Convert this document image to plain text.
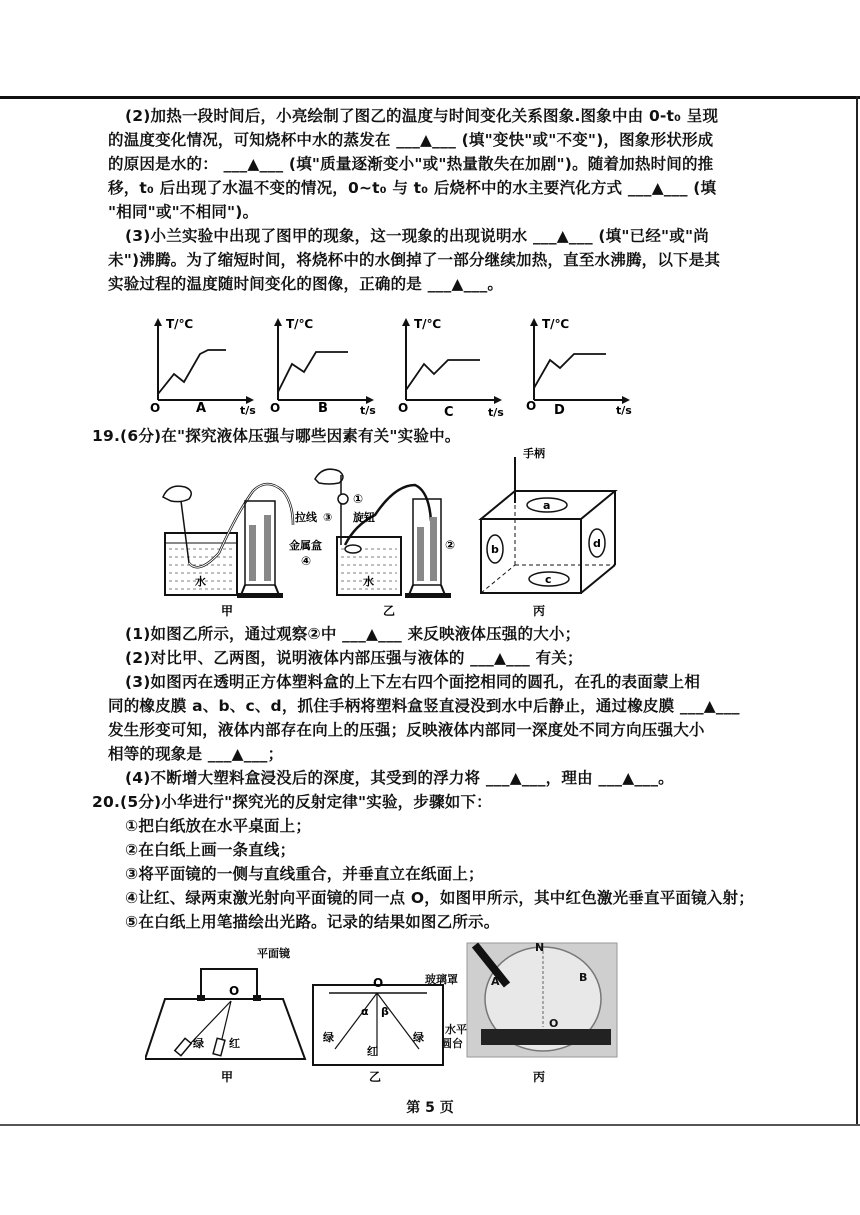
(2)加热一段时间后，小亮绘制了图乙的温度与时间变化关系图象.图象中由 0-t₀ 呈现
的温度变化情况，可知烧杯中水的蒸发在 ___▲___ (填"变快"或"不变")，图象形状形成
的原因是水的： ___▲___ (填"质量逐渐变小"或"热量散失在加剧")。随着加热时间的推
移，t₀ 后出现了水温不变的情况，0~t₀ 与 t₀ 后烧杯中的水主要汽化方式 ___▲___ (填
"相同"或"不相同")。
(3)小兰实验中出现了图甲的现象，这一现象的出现说明水 ___▲___ (填"已经"或"尚
未")沸腾。为了缩短时间，将烧杯中的水倒掉了一部分继续加热，直至水沸腾，以下是其
实验过程的温度随时间变化的图像，正确的是 ___▲___。
T/℃
O	A	t/s
T/℃
O	B	t/s
T/℃
O	C	t/s
T/℃
O D	t/s
19.(6分)在"探究液体压强与哪些因素有关"实验中。
水
甲
拉线 ③
①
旋钮
金属盒
④
②
水
乙
手柄
a
b
c
d
丙
(1)如图乙所示，通过观察②中 ___▲___ 来反映液体压强的大小；
(2)对比甲、乙两图，说明液体内部压强与液体的 ___▲___ 有关；
(3)如图丙在透明正方体塑料盒的上下左右四个面挖相同的圆孔，在孔的表面蒙上相
同的橡皮膜 a、b、c、d，抓住手柄将塑料盒竖直浸没到水中后静止，通过橡皮膜 ___▲___
发生形变可知，液体内部存在向上的压强；反映液体内部同一深度处不同方向压强大小
相等的现象是 ___▲___；
(4)不断增大塑料盒浸没后的深度，其受到的浮力将 ___▲___，理由 ___▲___。
20.(5分)小华进行"探究光的反射定律"实验，步骤如下：
①把白纸放在水平桌面上；
②在白纸上画一条直线；
③将平面镜的一侧与直线重合，并垂直立在纸面上；
④让红、绿两束激光射向平面镜的同一点 O，如图甲所示，其中红色激光垂直平面镜入射；
⑤在白纸上用笔描绘出光路。记录的结果如图乙所示。
平面镜
O
绿 红
甲
O
α β
绿
红
绿
乙
N
A	B
O
玻璃罩
水平
圆台
丙
第 5 页
